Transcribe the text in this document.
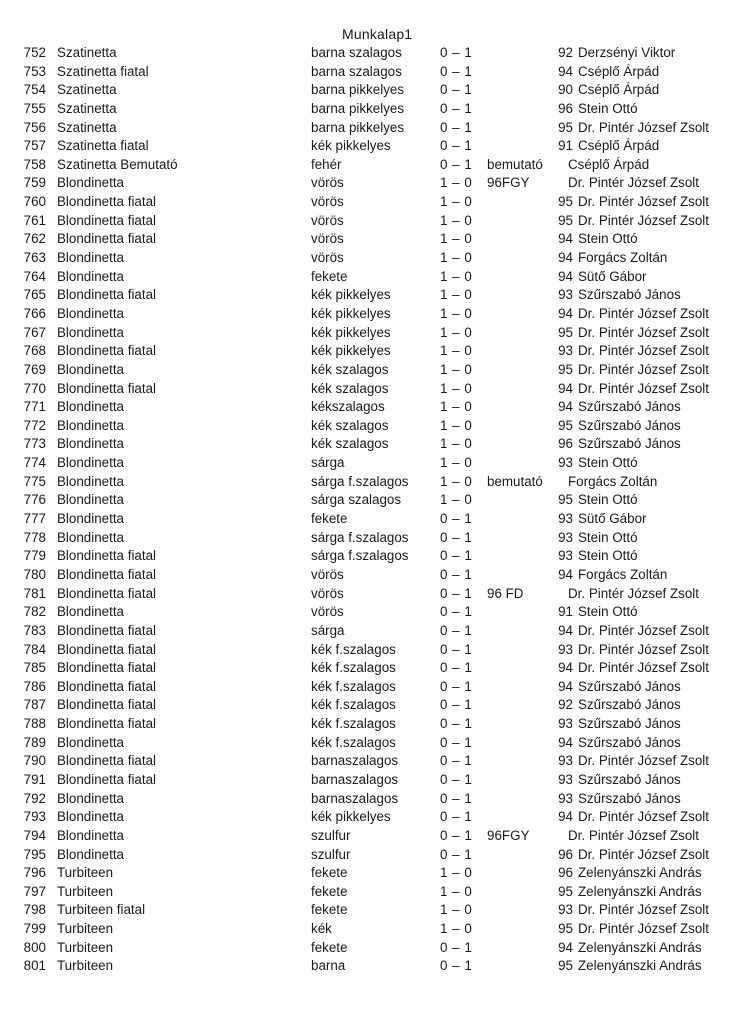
Munkalap1
752 Szatinetta	barna szalagos	0 – 1	92 Derzsényi Viktor
753 Szatinetta fiatal	barna szalagos	0 – 1	94 Cséplő Árpád
754 Szatinetta	barna pikkelyes	0 – 1	90 Cséplő Árpád
755 Szatinetta	barna pikkelyes	0 – 1	96 Stein Ottó
756 Szatinetta	barna pikkelyes	0 – 1	95 Dr. Pintér József Zsolt
757 Szatinetta fiatal	kék pikkelyes	0 – 1	91 Cséplő Árpád
758 Szatinetta Bemutató	fehér	0 – 1 bemutató Cséplő Árpád
759 Blondinetta	vörös	1 – 0 96FGY	Dr. Pintér József Zsolt
760 Blondinetta fiatal	vörös	1 – 0	95 Dr. Pintér József Zsolt
761 Blondinetta fiatal	vörös	1 – 0	95 Dr. Pintér József Zsolt
762 Blondinetta fiatal	vörös	1 – 0	94 Stein Ottó
763 Blondinetta	vörös	1 – 0	94 Forgács Zoltán
764 Blondinetta	fekete	1 – 0	94 Sütő Gábor
765 Blondinetta fiatal	kék pikkelyes	1 – 0	93 Szűrszabó János
766 Blondinetta	kék pikkelyes	1 – 0	94 Dr. Pintér József Zsolt
767 Blondinetta	kék pikkelyes	1 – 0	95 Dr. Pintér József Zsolt
768 Blondinetta fiatal	kék pikkelyes	1 – 0	93 Dr. Pintér József Zsolt
769 Blondinetta	kék szalagos	1 – 0	95 Dr. Pintér József Zsolt
770 Blondinetta fiatal	kék szalagos	1 – 0	94 Dr. Pintér József Zsolt
771 Blondinetta	kékszalagos	1 – 0	94 Szűrszabó János
772 Blondinetta	kék szalagos	1 – 0	95 Szűrszabó János
773 Blondinetta	kék szalagos	1 – 0	96 Szűrszabó János
774 Blondinetta	sárga	1 – 0	93 Stein Ottó
775 Blondinetta	sárga f.szalagos 1 – 0 bemutató Forgács Zoltán
776 Blondinetta	sárga szalagos	1 – 0	95 Stein Ottó
777 Blondinetta	fekete	0 – 1	93 Sütő Gábor
778 Blondinetta	sárga f.szalagos 0 – 1	93 Stein Ottó
779 Blondinetta fiatal	sárga f.szalagos 0 – 1	93 Stein Ottó
780 Blondinetta fiatal	vörös	0 – 1	94 Forgács Zoltán
781 Blondinetta fiatal	vörös	0 – 1 96 FD	Dr. Pintér József Zsolt
782 Blondinetta	vörös	0 – 1	91 Stein Ottó
783 Blondinetta fiatal	sárga	0 – 1	94 Dr. Pintér József Zsolt
784 Blondinetta fiatal	kék f.szalagos	0 – 1	93 Dr. Pintér József Zsolt
785 Blondinetta fiatal	kék f.szalagos	0 – 1	94 Dr. Pintér József Zsolt
786 Blondinetta fiatal	kék f.szalagos	0 – 1	94 Szűrszabó János
787 Blondinetta fiatal	kék f.szalagos	0 – 1	92 Szűrszabó János
788 Blondinetta fiatal	kék f.szalagos	0 – 1	93 Szűrszabó János
789 Blondinetta	kék f.szalagos	0 – 1	94 Szűrszabó János
790 Blondinetta fiatal	barnaszalagos	0 – 1	93 Dr. Pintér József Zsolt
791 Blondinetta fiatal	barnaszalagos	0 – 1	93 Szűrszabó János
792 Blondinetta	barnaszalagos	0 – 1	93 Szűrszabó János
793 Blondinetta	kék pikkelyes	0 – 1	94 Dr. Pintér József Zsolt
794 Blondinetta	szulfur	0 – 1 96FGY	Dr. Pintér József Zsolt
795 Blondinetta	szulfur	0 – 1	96 Dr. Pintér József Zsolt
796 Turbiteen	fekete	1 – 0	96 Zelenyánszki András
797 Turbiteen	fekete	1 – 0	95 Zelenyánszki András
798 Turbiteen fiatal	fekete	1 – 0	93 Dr. Pintér József Zsolt
799 Turbiteen	kék	1 – 0	95 Dr. Pintér József Zsolt
800 Turbiteen	fekete	0 – 1	94 Zelenyánszki András
801 Turbiteen	barna	0 – 1	95 Zelenyánszki András
